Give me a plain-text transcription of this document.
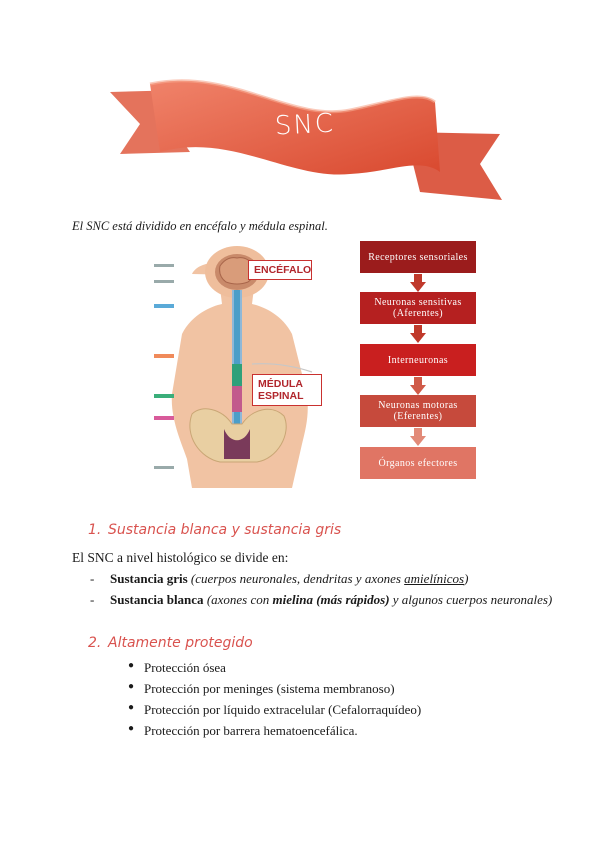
SNC
El SNC está dividido en encéfalo y médula espinal.
ENCÉFALO
MÉDULA ESPINAL
Receptores sensoriales
Neuronas sensitivas (Aferentes)
Interneuronas
Neuronas motoras (Eferentes)
Órganos efectores
1. Sustancia blanca y sustancia gris
El SNC a nivel histológico se divide en:
- Sustancia gris (cuerpos neuronales, dendritas y axones amielínicos)
- Sustancia blanca (axones con mielina (más rápidos) y algunos cuerpos neuronales)
2. Altamente protegido
● Protección ósea
● Protección por meninges (sistema membranoso)
● Protección por líquido extracelular (Cefalorraquídeo)
● Protección por barrera hematoencefálica.
